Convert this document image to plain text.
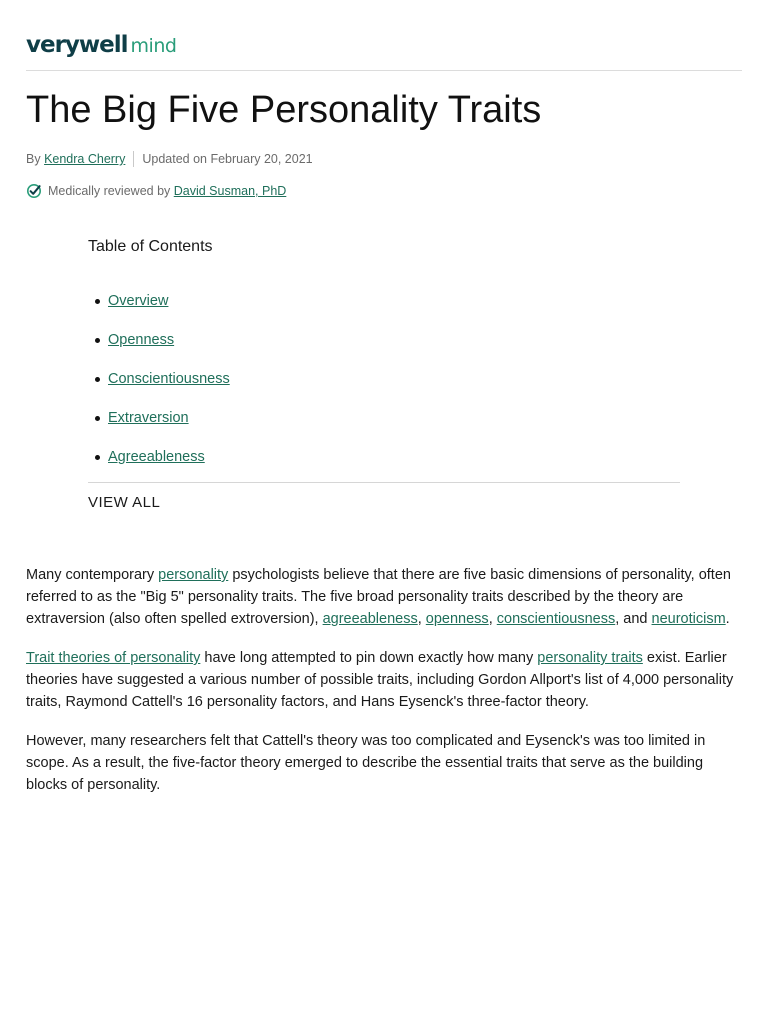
verywell mind
The Big Five Personality Traits
By Kendra Cherry Updated on February 20, 2021
Medically reviewed by David Susman, PhD

Table of Contents

Overview
Openness
Conscientiousness
Extraversion
Agreeableness
VIEW ALL

Many contemporary personality psychologists believe that there are five basic dimensions of personality, often referred to as the "Big 5" personality traits. The five broad personality traits described by the theory are extraversion (also often spelled extroversion), agreeableness, openness, conscientiousness, and neuroticism.

Trait theories of personality have long attempted to pin down exactly how many personality traits exist. Earlier theories have suggested a various number of possible traits, including Gordon Allport's list of 4,000 personality traits, Raymond Cattell's 16 personality factors, and Hans Eysenck's three-factor theory.

However, many researchers felt that Cattell's theory was too complicated and Eysenck's was too limited in scope. As a result, the five-factor theory emerged to describe the essential traits that serve as the building blocks of personality.
